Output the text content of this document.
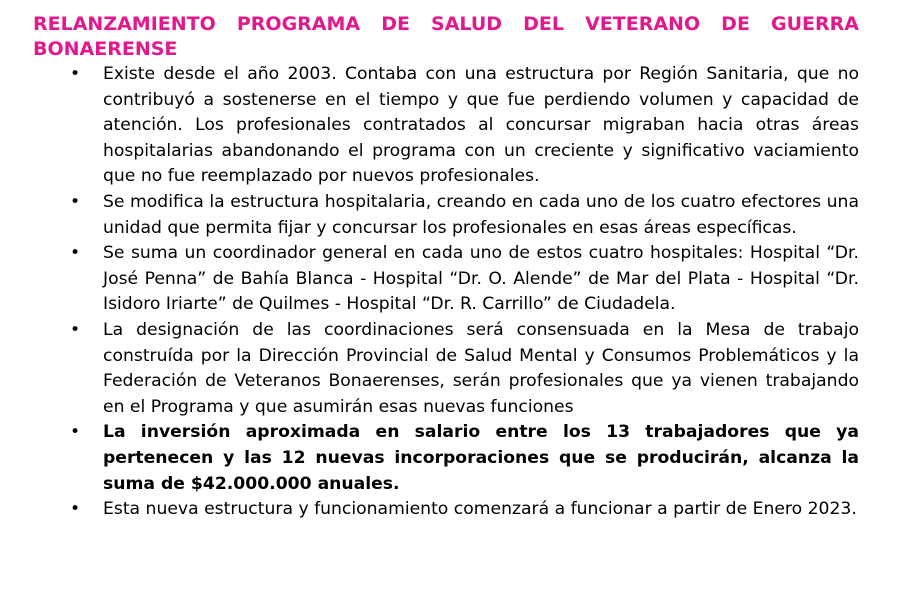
RELANZAMIENTO PROGRAMA DE SALUD DEL VETERANO DE GUERRA BONAERENSE
• Existe desde el año 2003. Contaba con una estructura por Región Sanitaria, que no contribuyó a sostenerse en el tiempo y que fue perdiendo volumen y capacidad de atención. Los profesionales contratados al concursar migraban hacia otras áreas hospitalarias abandonando el programa con un creciente y significativo vaciamiento que no fue reemplazado por nuevos profesionales.
• Se modifica la estructura hospitalaria, creando en cada uno de los cuatro efectores una unidad que permita fijar y concursar los profesionales en esas áreas específicas.
• Se suma un coordinador general en cada uno de estos cuatro hospitales: Hospital “Dr. José Penna” de Bahía Blanca - Hospital “Dr. O. Alende” de Mar del Plata - Hospital “Dr. Isidoro Iriarte” de Quilmes - Hospital “Dr. R. Carrillo” de Ciudadela.
• La designación de las coordinaciones será consensuada en la Mesa de trabajo construída por la Dirección Provincial de Salud Mental y Consumos Problemáticos y la Federación de Veteranos Bonaerenses, serán profesionales que ya vienen trabajando en el Programa y que asumirán esas nuevas funciones
• La inversión aproximada en salario entre los 13 trabajadores que ya pertenecen y las 12 nuevas incorporaciones que se producirán, alcanza la suma de $42.000.000 anuales.
• Esta nueva estructura y funcionamiento comenzará a funcionar a partir de Enero 2023.
